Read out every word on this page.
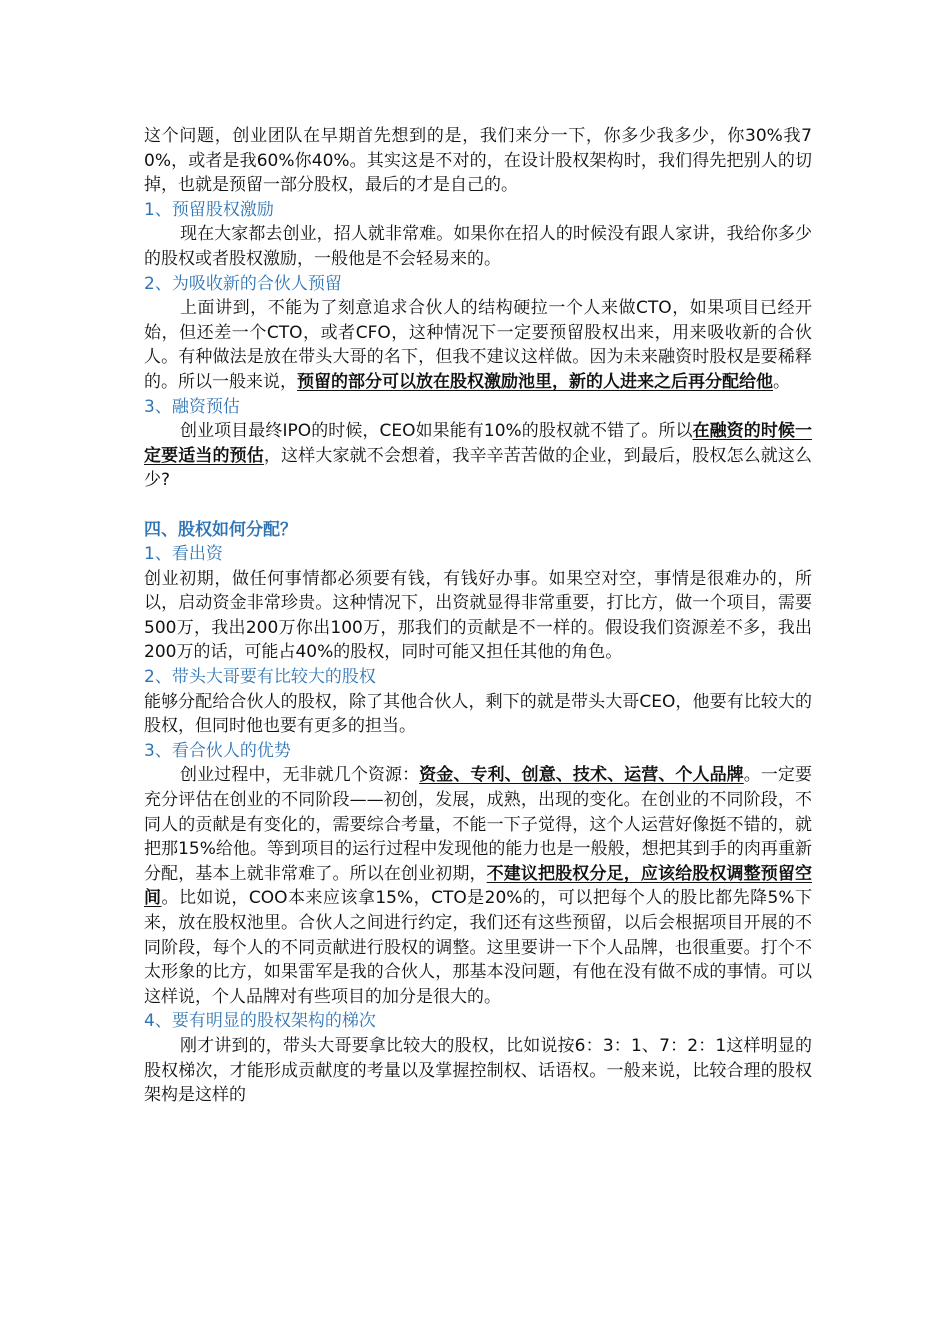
这个问题，创业团队在早期首先想到的是，我们来分一下，你多少我多少，你30%我70%，或者是我60%你40%。其实这是不对的，在设计股权架构时，我们得先把别人的切掉，也就是预留一部分股权，最后的才是自己的。

1、预留股权激励

现在大家都去创业，招人就非常难。如果你在招人的时候没有跟人家讲，我给你多少的股权或者股权激励，一般他是不会轻易来的。

2、为吸收新的合伙人预留

上面讲到，不能为了刻意追求合伙人的结构硬拉一个人来做CTO，如果项目已经开始，但还差一个CTO，或者CFO，这种情况下一定要预留股权出来，用来吸收新的合伙人。有种做法是放在带头大哥的名下，但我不建议这样做。因为未来融资时股权是要稀释的。所以一般来说，预留的部分可以放在股权激励池里，新的人进来之后再分配给他。

3、融资预估

创业项目最终IPO的时候，CEO如果能有10%的股权就不错了。所以在融资的时候一定要适当的预估，这样大家就不会想着，我辛辛苦苦做的企业，到最后，股权怎么就这么少?

四、股权如何分配？

1、看出资

创业初期，做任何事情都必须要有钱，有钱好办事。如果空对空，事情是很难办的，所以，启动资金非常珍贵。这种情况下，出资就显得非常重要，打比方，做一个项目，需要500万，我出200万你出100万，那我们的贡献是不一样的。假设我们资源差不多，我出200万的话，可能占40%的股权，同时可能又担任其他的角色。

2、带头大哥要有比较大的股权

能够分配给合伙人的股权，除了其他合伙人，剩下的就是带头大哥CEO，他要有比较大的股权，但同时他也要有更多的担当。

3、看合伙人的优势

创业过程中，无非就几个资源：资金、专利、创意、技术、运营、个人品牌。一定要充分评估在创业的不同阶段——初创，发展，成熟，出现的变化。在创业的不同阶段，不同人的贡献是有变化的，需要综合考量，不能一下子觉得，这个人运营好像挺不错的，就把那15%给他。等到项目的运行过程中发现他的能力也是一般般，想把其到手的肉再重新分配，基本上就非常难了。所以在创业初期，不建议把股权分足，应该给股权调整预留空间。比如说，COO本来应该拿15%，CTO是20%的，可以把每个人的股比都先降5%下来，放在股权池里。合伙人之间进行约定，我们还有这些预留，以后会根据项目开展的不同阶段，每个人的不同贡献进行股权的调整。这里要讲一下个人品牌，也很重要。打个不太形象的比方，如果雷军是我的合伙人，那基本没问题，有他在没有做不成的事情。可以这样说，个人品牌对有些项目的加分是很大的。

4、要有明显的股权架构的梯次

刚才讲到的，带头大哥要拿比较大的股权，比如说按6：3：1、7：2：1这样明显的股权梯次，才能形成贡献度的考量以及掌握控制权、话语权。一般来说，比较合理的股权架构是这样的
